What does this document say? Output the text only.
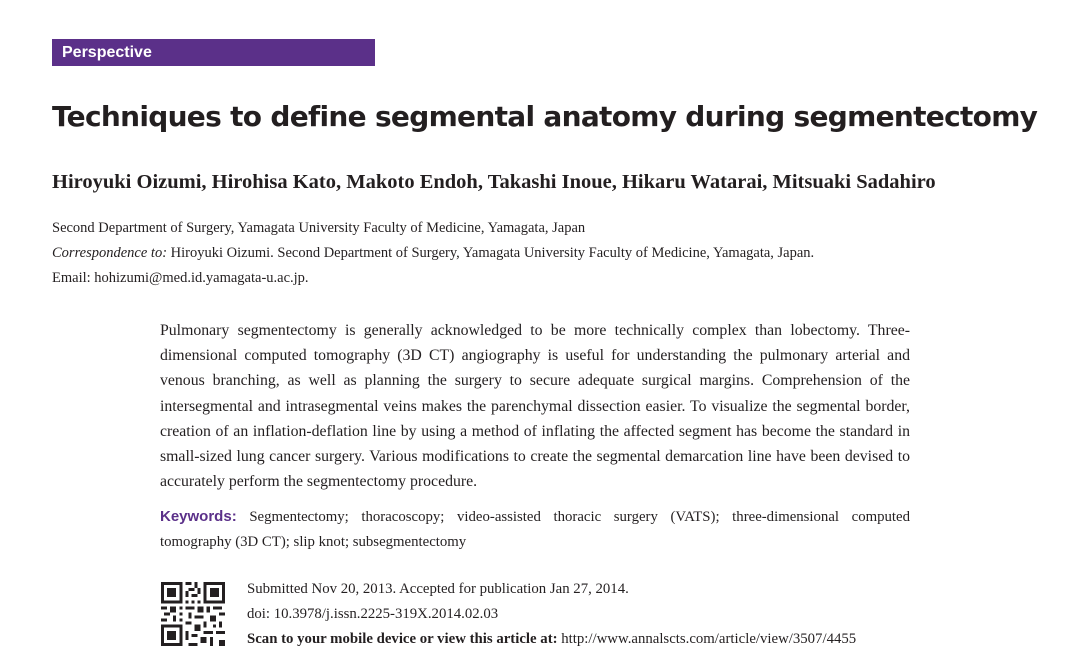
Perspective
Techniques to define segmental anatomy during segmentectomy

Hiroyuki Oizumi, Hirohisa Kato, Makoto Endoh, Takashi Inoue, Hikaru Watarai, Mitsuaki Sadahiro

Second Department of Surgery, Yamagata University Faculty of Medicine, Yamagata, Japan
Correspondence to: Hiroyuki Oizumi. Second Department of Surgery, Yamagata University Faculty of Medicine, Yamagata, Japan.
Email: hohizumi@med.id.yamagata-u.ac.jp.

Pulmonary segmentectomy is generally acknowledged to be more technically complex than lobectomy. Three-dimensional computed tomography (3D CT) angiography is useful for understanding the pulmonary arterial and venous branching, as well as planning the surgery to secure adequate surgical margins. Comprehension of the intersegmental and intrasegmental veins makes the parenchymal dissection easier. To visualize the segmental border, creation of an inflation-deflation line by using a method of inflating the affected segment has become the standard in small-sized lung cancer surgery. Various modifications to create the segmental demarcation line have been devised to accurately perform the segmentectomy procedure.

Keywords: Segmentectomy; thoracoscopy; video-assisted thoracic surgery (VATS); three-dimensional computed tomography (3D CT); slip knot; subsegmentectomy

Submitted Nov 20, 2013. Accepted for publication Jan 27, 2014.
doi: 10.3978/j.issn.2225-319X.2014.02.03
Scan to your mobile device or view this article at: http://www.annalscts.com/article/view/3507/4455
